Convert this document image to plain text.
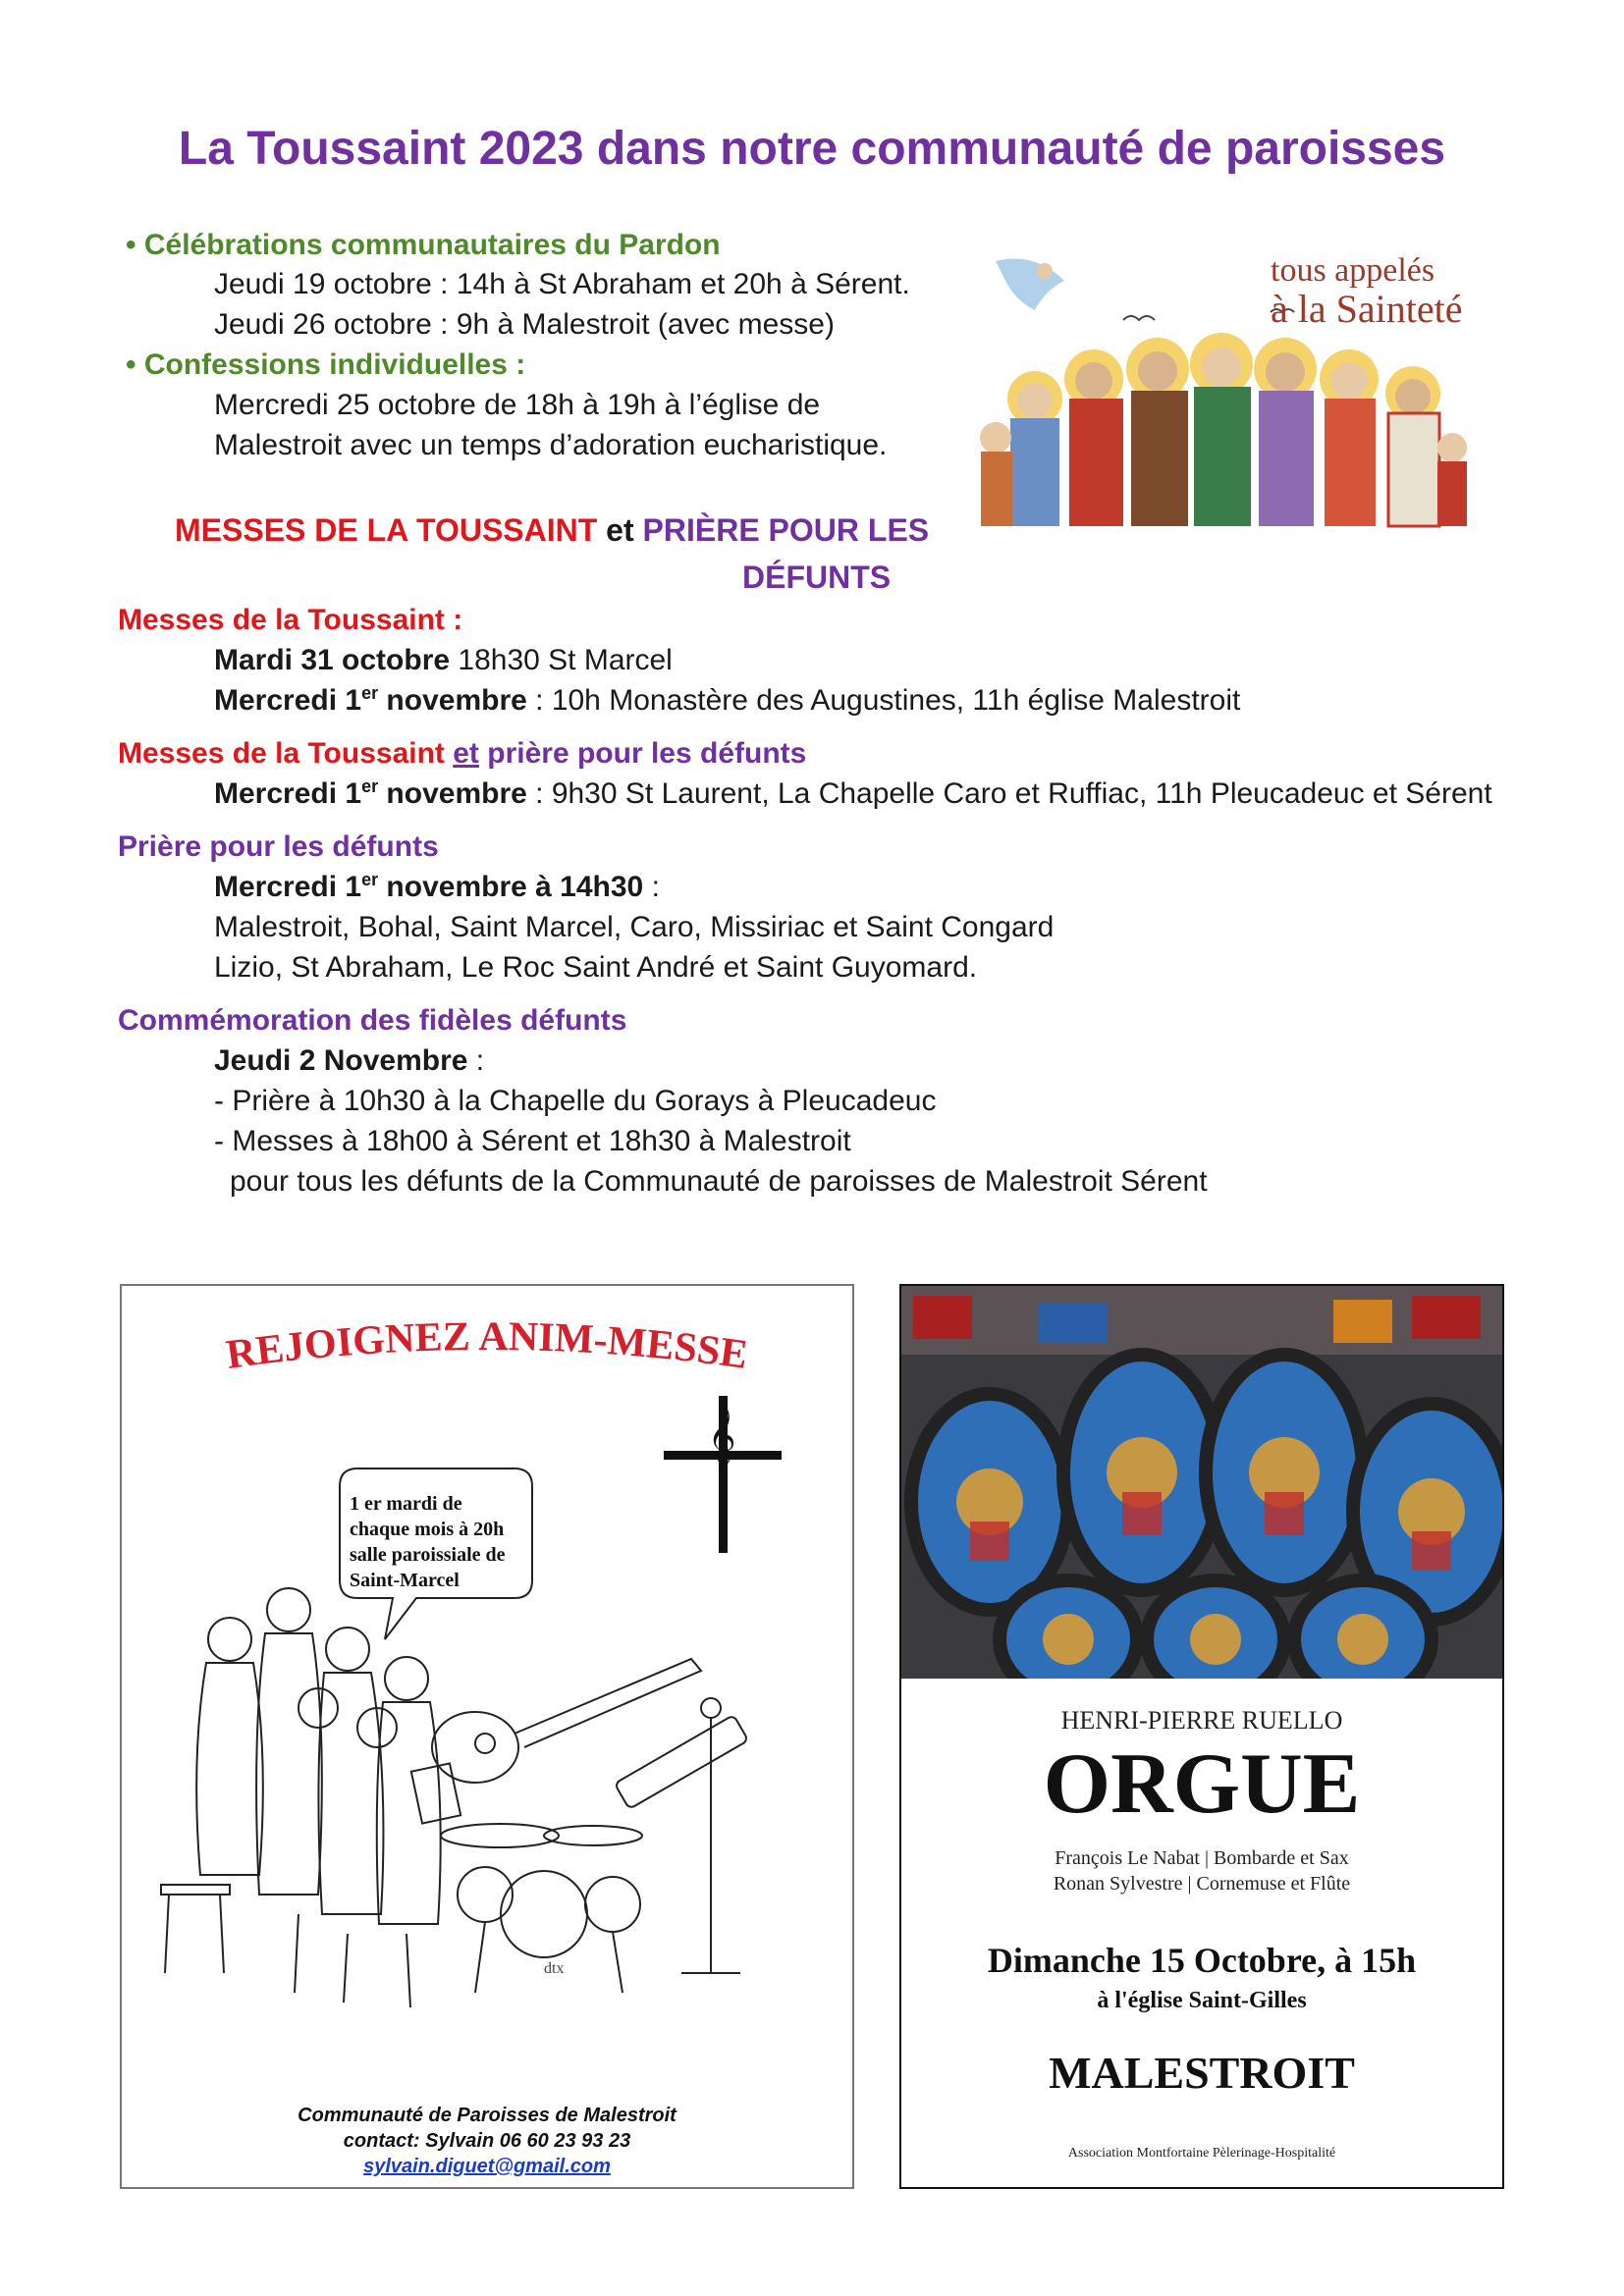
La Toussaint 2023 dans notre communauté de paroisses
• Célébrations communautaires du Pardon
Jeudi 19 octobre : 14h à St Abraham et 20h à Sérent.
Jeudi 26 octobre : 9h à Malestroit (avec messe)
• Confessions individuelles :
Mercredi 25 octobre de 18h à 19h à l’église de
Malestroit avec un temps d’adoration eucharistique.
tous appelés
à la Sainteté
MESSES DE LA TOUSSAINT et PRIÈRE POUR LES
DÉFUNTS
Messes de la Toussaint :
Mardi 31 octobre 18h30 St Marcel
Mercredi 1er novembre : 10h Monastère des Augustines, 11h église Malestroit
Messes de la Toussaint et prière pour les défunts
Mercredi 1er novembre : 9h30 St Laurent, La Chapelle Caro et Ruffiac, 11h Pleucadeuc et Sérent
Prière pour les défunts
Mercredi 1er novembre à 14h30 :
Malestroit, Bohal, Saint Marcel, Caro, Missiriac et Saint Congard
Lizio, St Abraham, Le Roc Saint André et Saint Guyomard.
Commémoration des fidèles défunts
Jeudi 2 Novembre :
- Prière à 10h30 à la Chapelle du Gorays à Pleucadeuc
- Messes à 18h00 à Sérent et 18h30 à Malestroit
pour tous les défunts de la Communauté de paroisses de Malestroit Sérent
REJOIGNEZ ANIM-MESSE
𝄞
1 er mardi de
chaque mois à 20h
salle paroissiale de
Saint-Marcel
dtx
Communauté de Paroisses de Malestroit
contact: Sylvain 06 60 23 93 23
sylvain.diguet@gmail.com
HENRI-PIERRE RUELLO
ORGUE
François Le Nabat | Bombarde et Sax
Ronan Sylvestre | Cornemuse et Flûte
Dimanche 15 Octobre, à 15h
à l'église Saint-Gilles
MALESTROIT
Association Montfortaine Pèlerinage-Hospitalité
